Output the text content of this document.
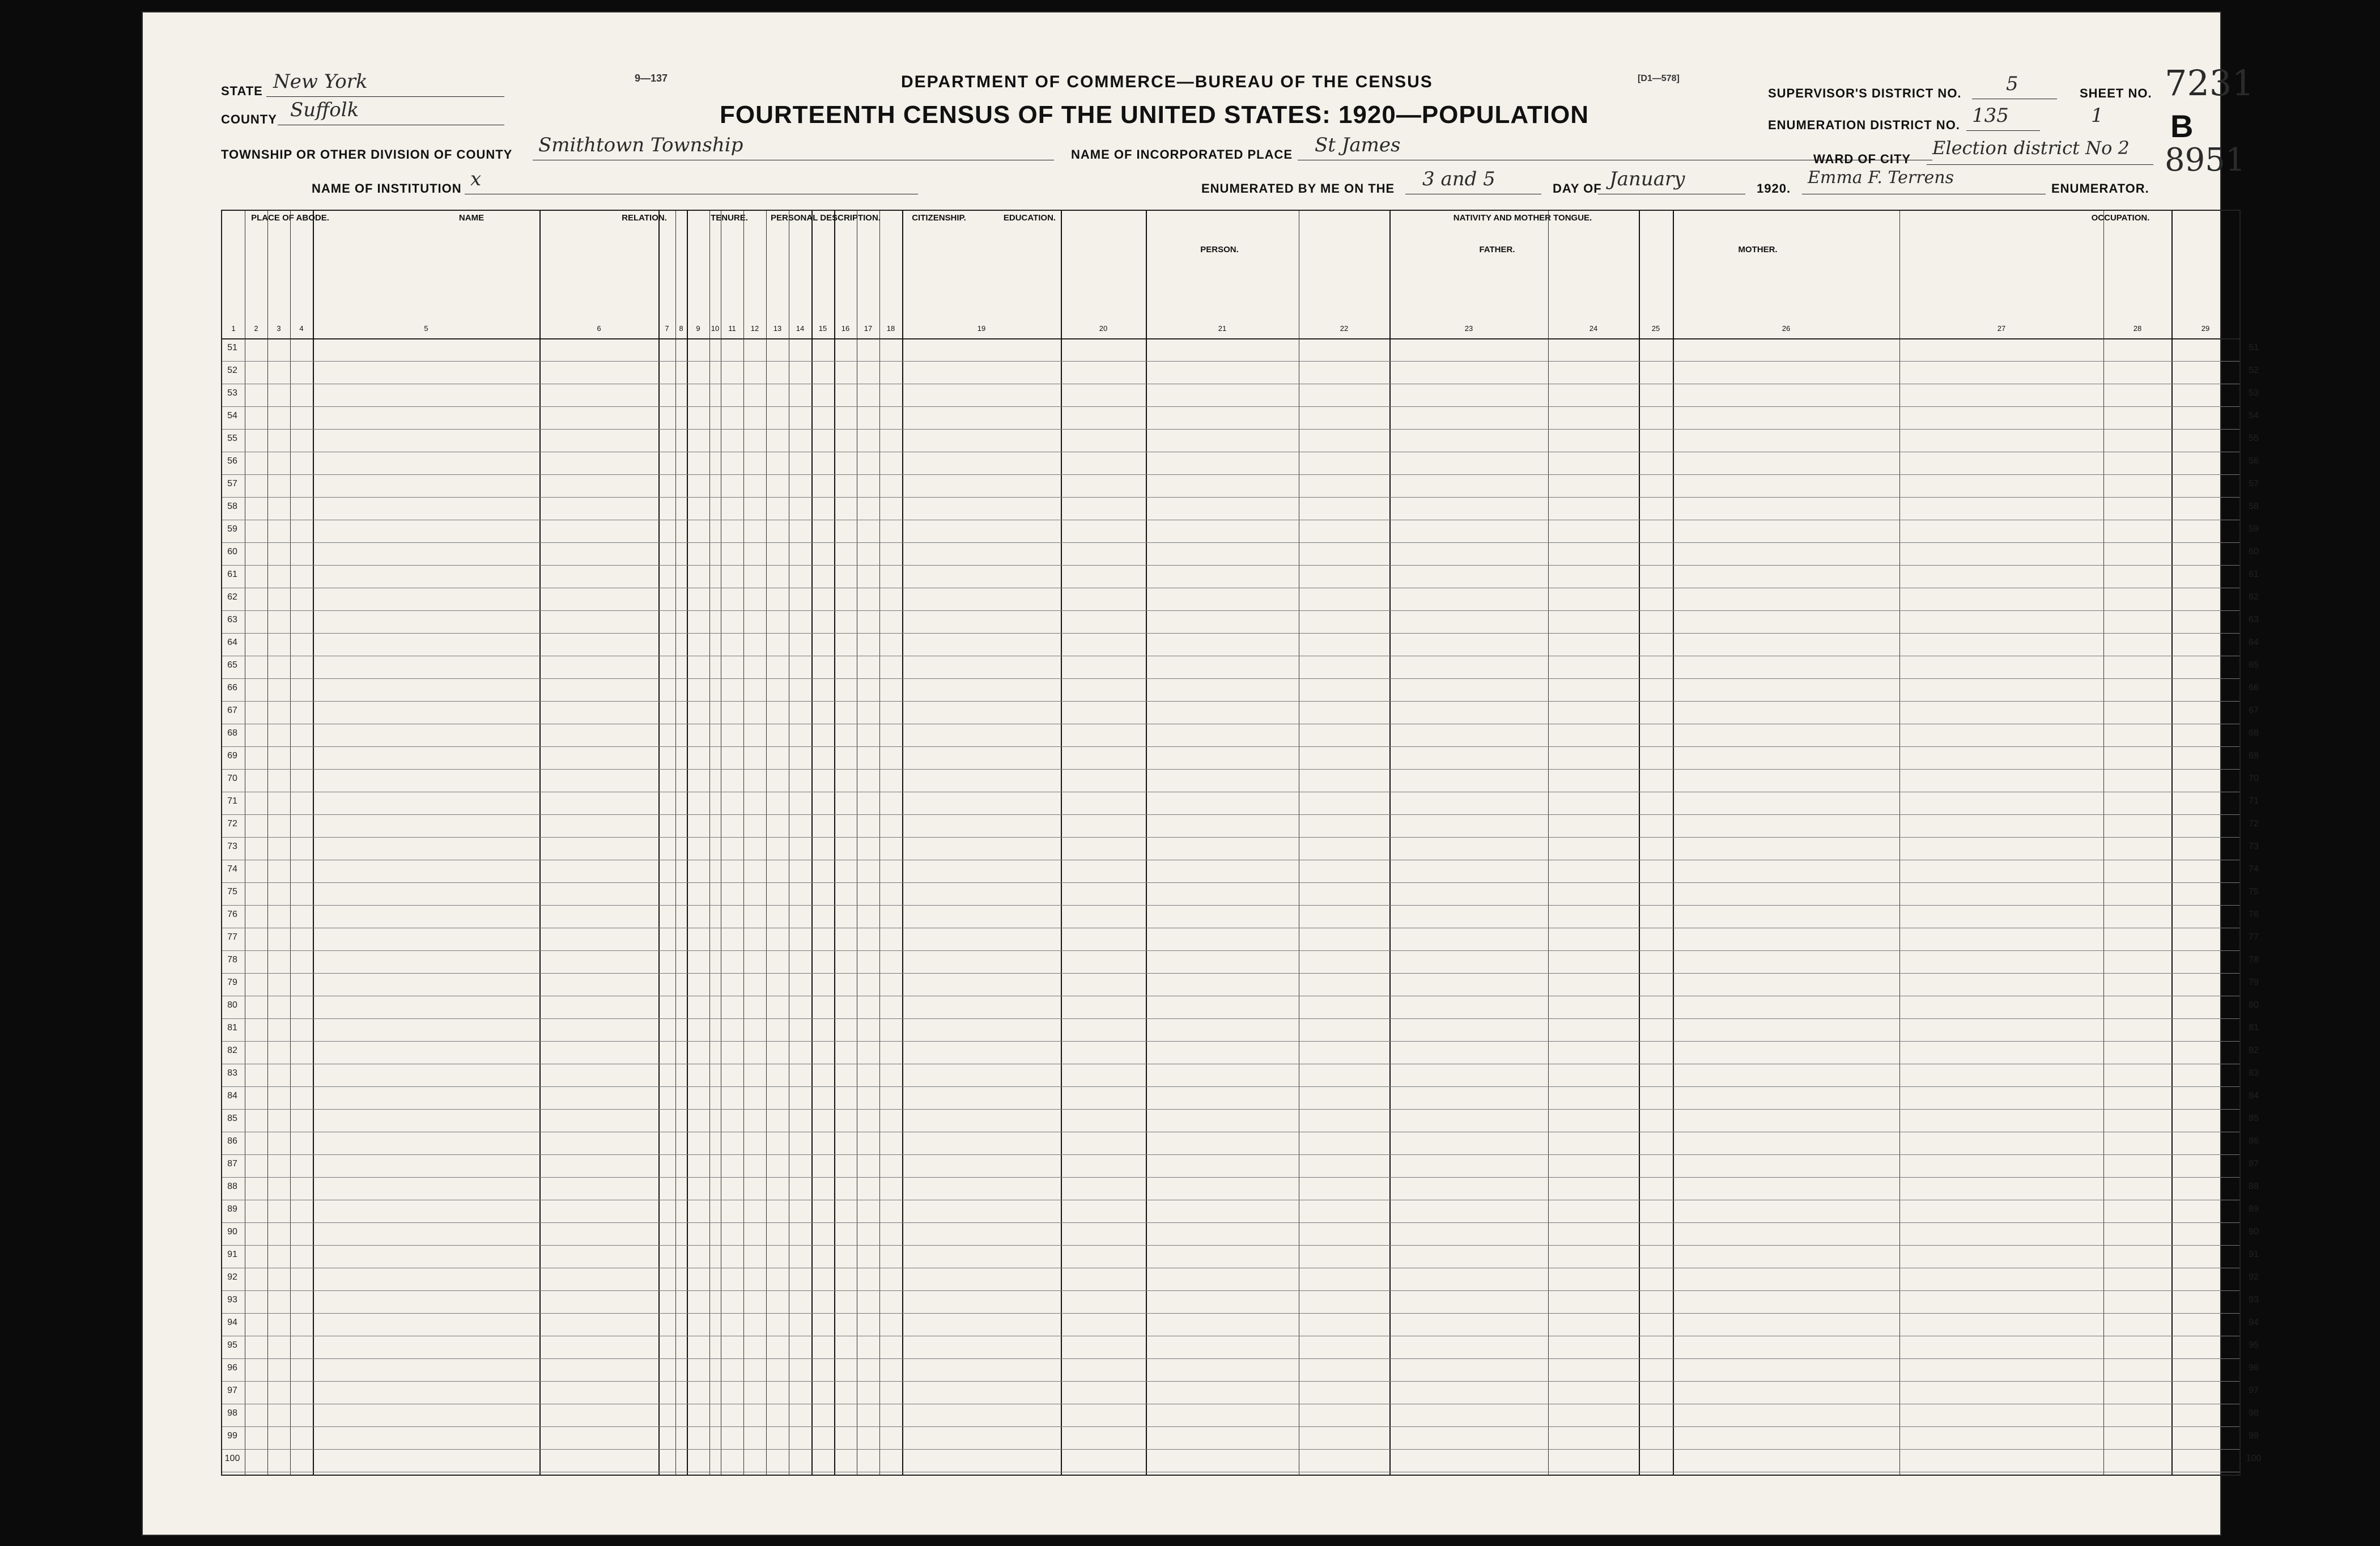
STATE New York
COUNTY Suffolk
TOWNSHIP OR OTHER DIVISION OF COUNTY Smithtown Township
NAME OF INSTITUTION x
9—137	DEPARTMENT OF COMMERCE—BUREAU OF THE CENSUS
FOURTEENTH CENSUS OF THE UNITED STATES: 1920—POPULATION
[D1—578]
NAME OF INCORPORATED PLACE St James
ENUMERATED BY ME ON THE 3 and 5	DAY OF January	1920.
Emma F. Terrens
ENUMERATOR.
SUPERVISOR'S DISTRICT NO. 5	SHEET NO.
ENUMERATION DISTRICT NO. 135	1 B
WARD OF CITY
Election district No 2
7231
8951
PLACE OF ABODE.	NAME	RELATION.	TENURE.	PERSONAL DESCRIPTION.	CITIZENSHIP.	EDUCATION.	NATIVITY AND MOTHER TONGUE.
PERSON.	FATHER.	MOTHER.
OCCUPATION.
1	2	3	4	5	6	7	8	9	10	11	12	13	14	15	16	17	18	19	20	21	22	23	24	25	26	27	28	29
51	51
52	52
53	53
54	54
55	55
56	56
57	57
58	58
59	59
60	60
61	61
62	62
63	63
64	64
65	65
66	66
67	67
68	68
69	69
70	70
71	71
72	72
73	73
74	74
75	75
76	76
77	77
78	78
79	79
80	80
81	81
82	82
83	83
84	84
85	85
86	86
87	87
88	88
89	89
90	90
91	91
92	92
93	93
94	94
95	95
96	96
97	97
98	98
99	99
100	100
